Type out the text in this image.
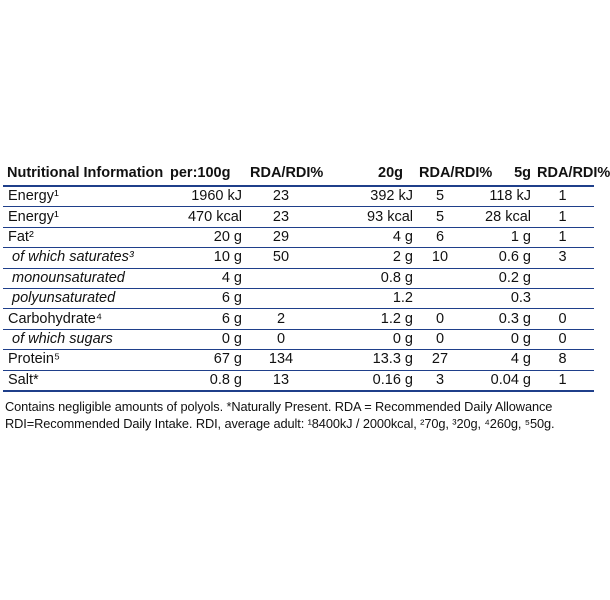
Nutritional Information	per:100g	RDA/RDI%	20g	RDA/RDI%	5g	RDA/RDI%
Energy¹	1960 kJ	23	392 kJ	5	118 kJ	1
Energy¹	470 kcal	23	93 kcal	5	28 kcal	1
Fat²	20 g	29	4 g	6	1 g	1
of which saturates³	10 g	50	2 g	10	0.6 g	3
monounsaturated	4 g		0.8 g		0.2 g	
polyunsaturated	6 g		1.2		0.3	
Carbohydrate⁴	6 g	2	1.2 g	0	0.3 g	0
of which sugars	0 g	0	0 g	0	0 g	0
Protein⁵	67 g	134	13.3 g	27	4 g	8
Salt*	0.8 g	13	0.16 g	3	0.04 g	1
Contains negligible amounts of polyols. *Naturally Present. RDA = Recommended Daily Allowance
RDI=Recommended Daily Intake. RDI, average adult: ¹8400kJ / 2000kcal, ²70g, ³20g, ⁴260g, ⁵50g.
